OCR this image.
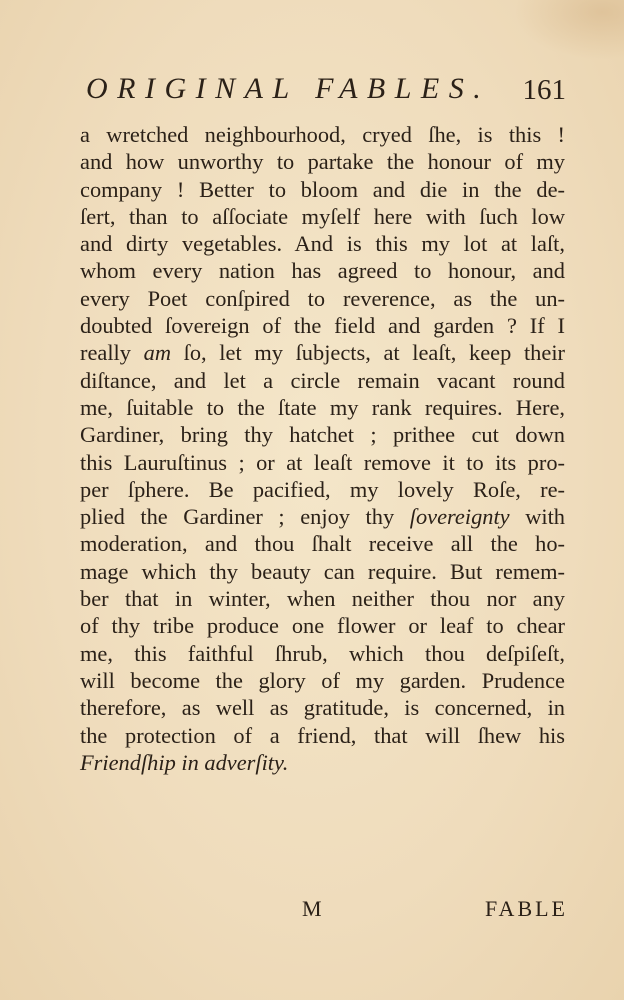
ORIGINAL FABLES. 161
a wretched neighbourhood, cryed ſhe, is this !
and how unworthy to partake the honour of my
company ! Better to bloom and die in the de-
ſert, than to aſſociate myſelf here with ſuch low
and dirty vegetables. And is this my lot at laſt,
whom every nation has agreed to honour, and
every Poet conſpired to reverence, as the un-
doubted ſovereign of the field and garden ? If I
really am ſo, let my ſubjects, at leaſt, keep their
diſtance, and let a circle remain vacant round
me, ſuitable to the ſtate my rank requires. Here,
Gardiner, bring thy hatchet ; prithee cut down
this Lauruſtinus ; or at leaſt remove it to its pro-
per ſphere. Be pacified, my lovely Roſe, re-
plied the Gardiner ; enjoy thy ſovereignty with
moderation, and thou ſhalt receive all the ho-
mage which thy beauty can require. But remem-
ber that in winter, when neither thou nor any
of thy tribe produce one flower or leaf to chear
me, this faithful ſhrub, which thou deſpiſeſt,
will become the glory of my garden. Prudence
therefore, as well as gratitude, is concerned, in
the protection of a friend, that will ſhew his
Friendſhip in adverſity.
M	FABLE
